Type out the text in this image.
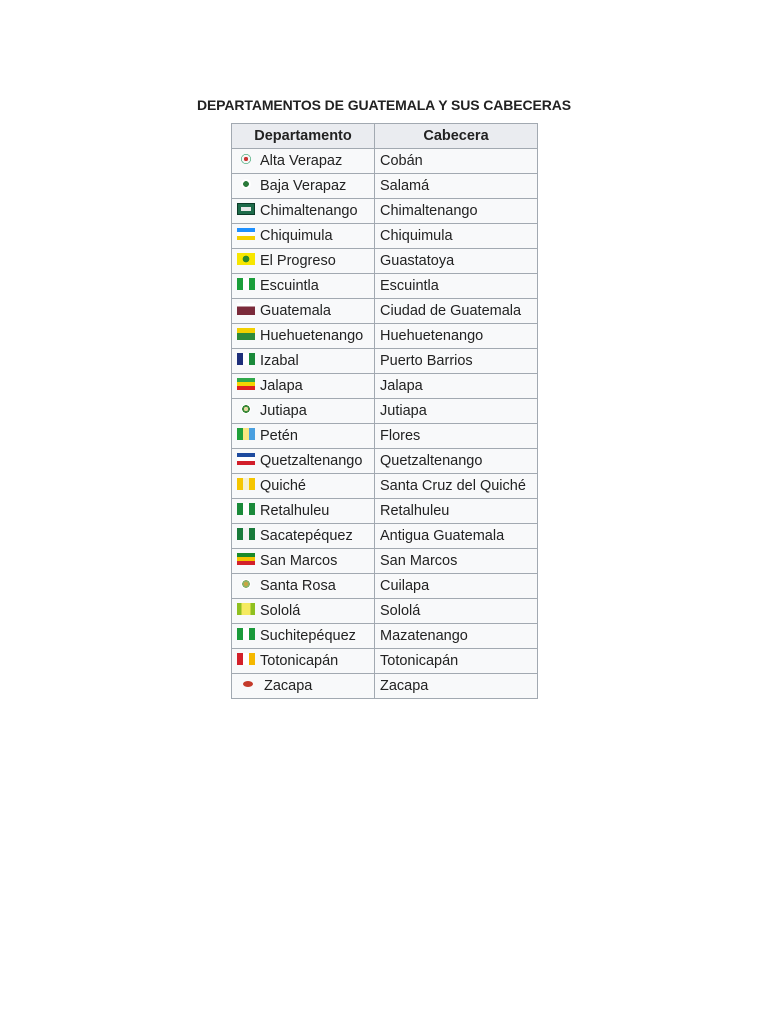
DEPARTAMENTOS DE GUATEMALA Y SUS CABECERAS
Departamento	Cabecera

Alta Verapaz	Cobán

Baja Verapaz	Salamá

Chimaltenango	Chimaltenango

Chiquimula	Chiquimula

El Progreso	Guastatoya

Escuintla	Escuintla

Guatemala	Ciudad de Guatemala

Huehuetenango	Huehuetenango

Izabal	Puerto Barrios

Jalapa	Jalapa

Jutiapa	Jutiapa

Petén	Flores

Quetzaltenango	Quetzaltenango

Quiché	Santa Cruz del Quiché

Retalhuleu	Retalhuleu

Sacatepéquez	Antigua Guatemala

San Marcos	San Marcos

Santa Rosa	Cuilapa

Sololá	Sololá

Suchitepéquez	Mazatenango

Totonicapán	Totonicapán

Zacapa	Zacapa
